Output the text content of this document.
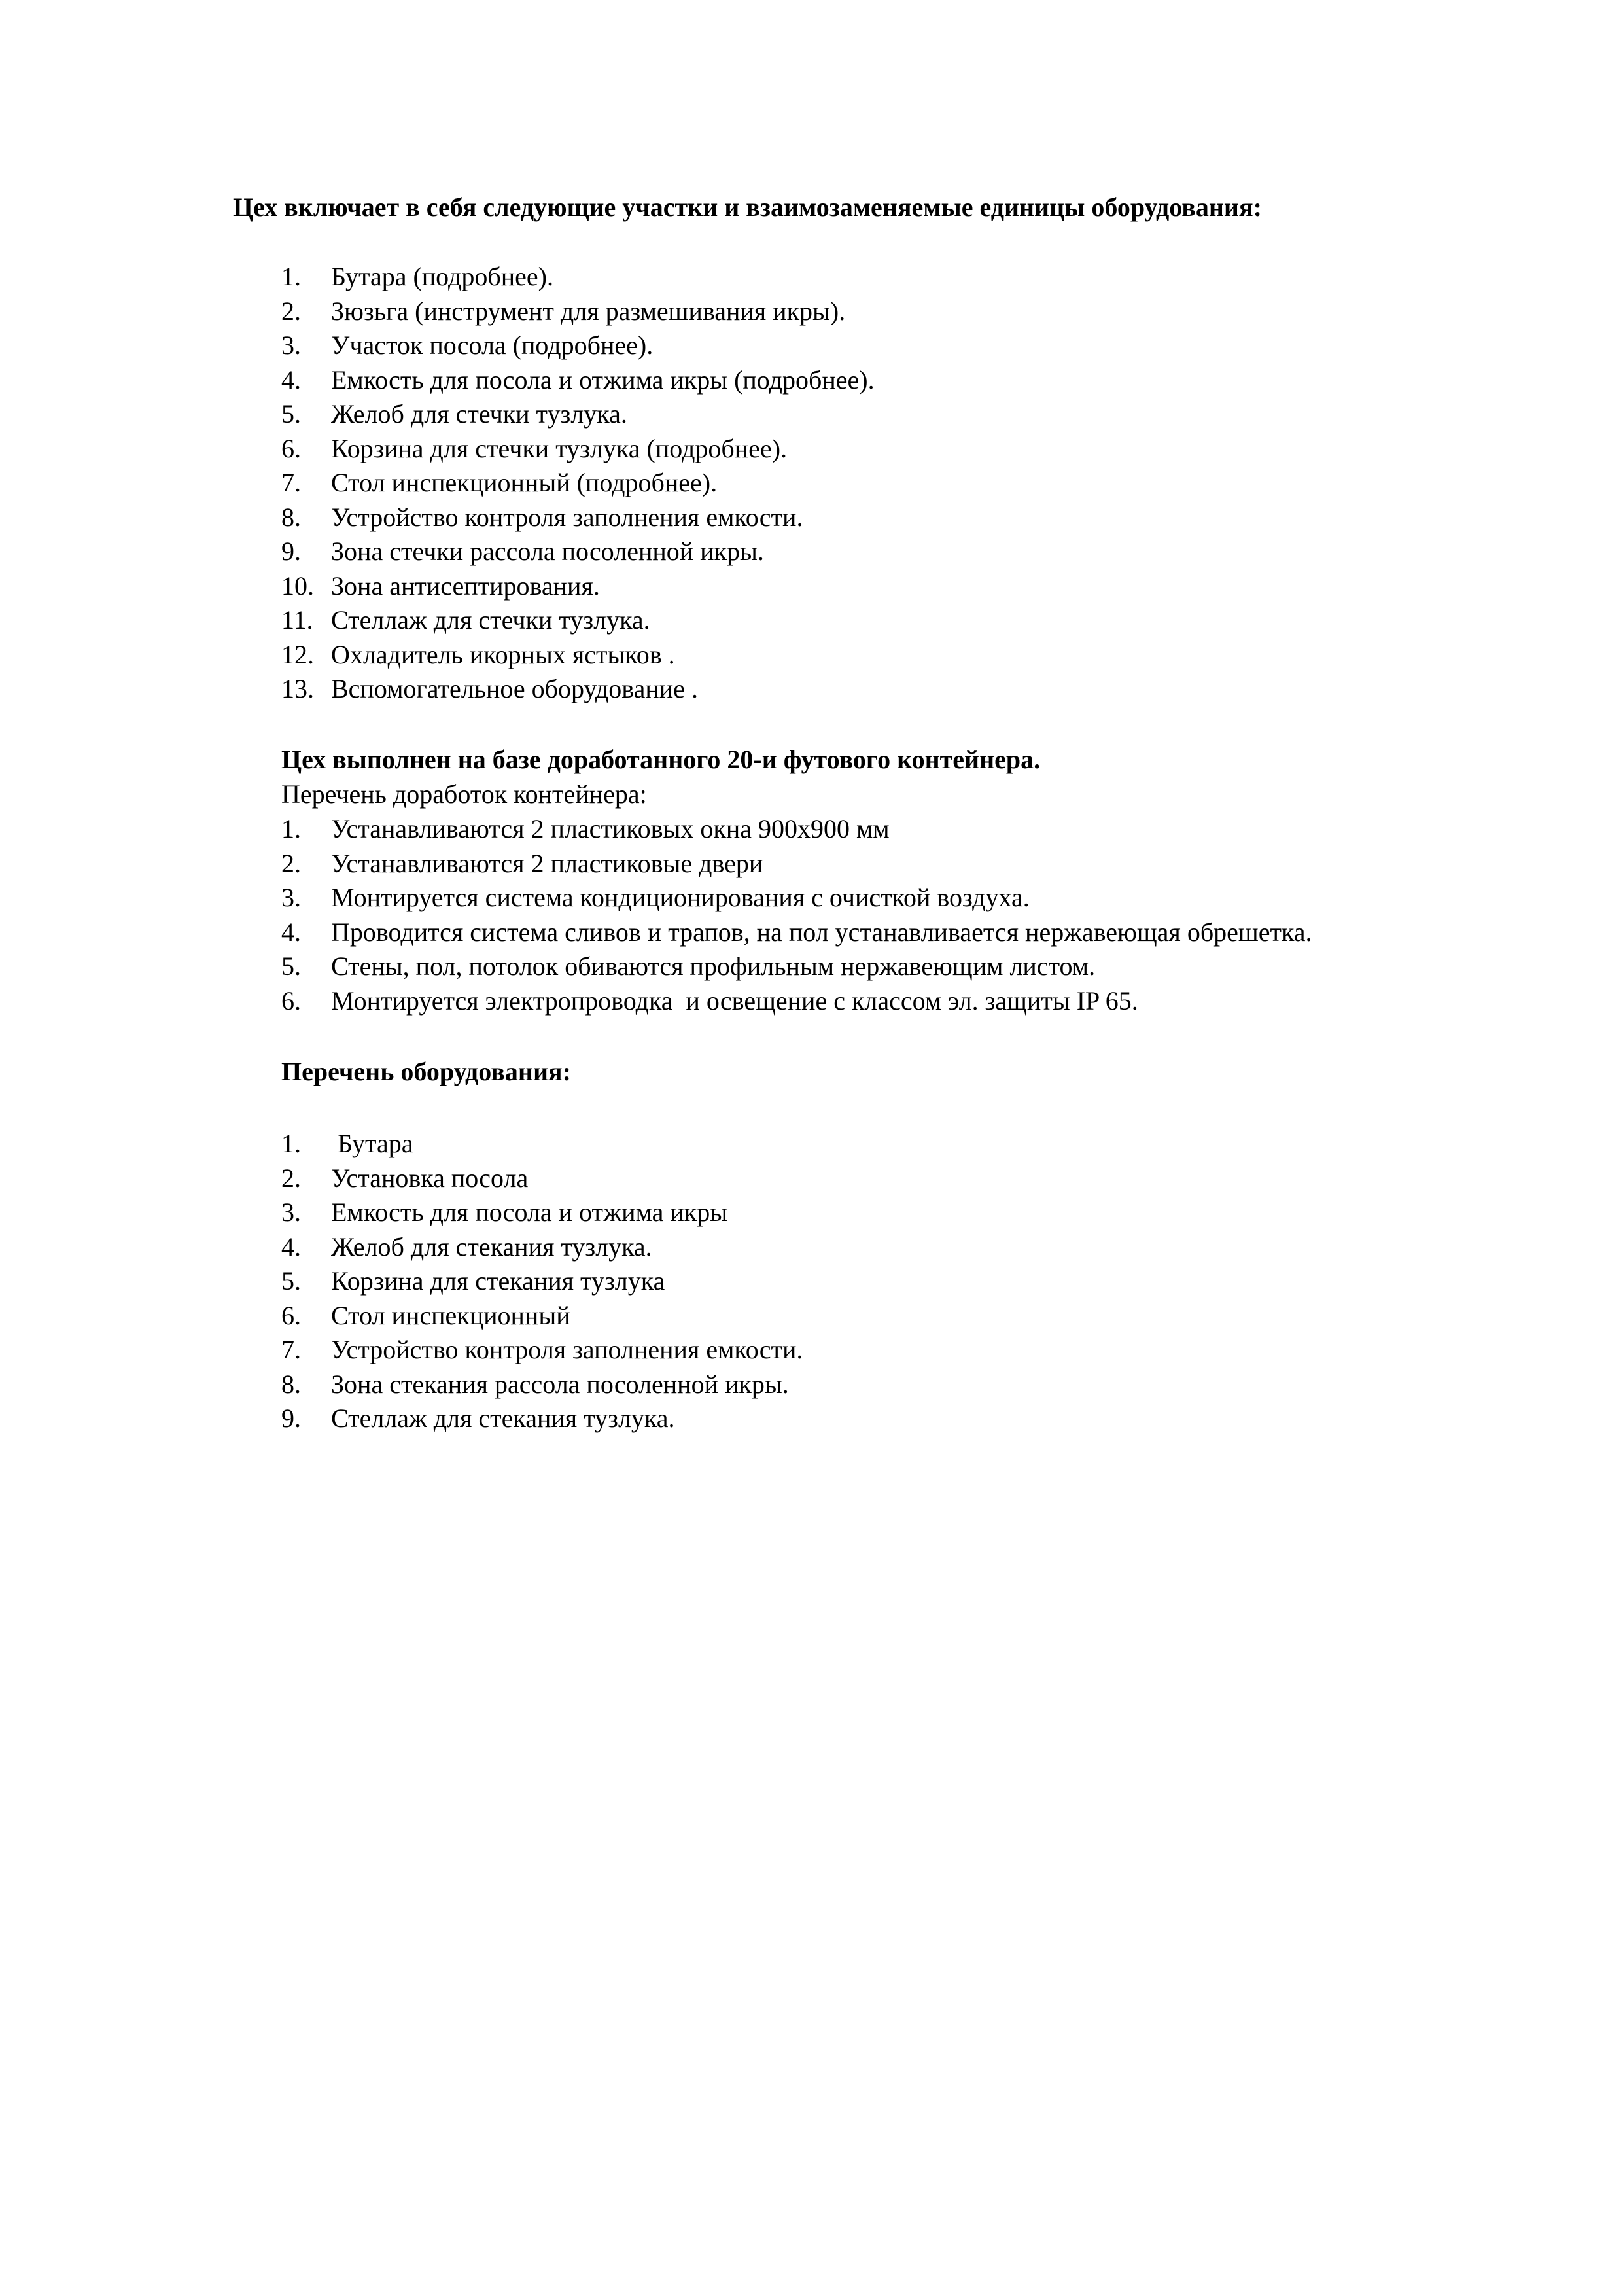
Цех включает в себя следующие участки и взаимозаменяемые единицы оборудования:

1. Бутара (подробнее).
2. Зюзьга (инструмент для размешивания икры).
3. Участок посола (подробнее).
4. Емкость для посола и отжима икры (подробнее).
5. Желоб для стечки тузлука.
6. Корзина для стечки тузлука (подробнее).
7. Стол инспекционный (подробнее).
8. Устройство контроля заполнения емкости.
9. Зона стечки рассола посоленной икры.
10. Зона антисептирования.
11. Стеллаж для стечки тузлука.
12. Охладитель икорных ястыков .
13. Вспомогательное оборудование .

Цех выполнен на базе доработанного 20-и футового контейнера.

Перечень доработок контейнера:

1. Устанавливаются 2 пластиковых окна 900х900 мм
2. Устанавливаются 2 пластиковые двери
3. Монтируется система кондиционирования с очисткой воздуха.
4. Проводится система сливов и трапов, на пол устанавливается нержавеющая обрешетка.
5. Стены, пол, потолок обиваются профильным нержавеющим листом.
6. Монтируется электропроводка  и освещение с классом эл. защиты IP 65.

Перечень оборудования:

1. Бутара
2. Установка посола
3. Емкость для посола и отжима икры
4. Желоб для стекания тузлука.
5. Корзина для стекания тузлука
6. Стол инспекционный
7. Устройство контроля заполнения емкости.
8. Зона стекания рассола посоленной икры.
9. Стеллаж для стекания тузлука.
